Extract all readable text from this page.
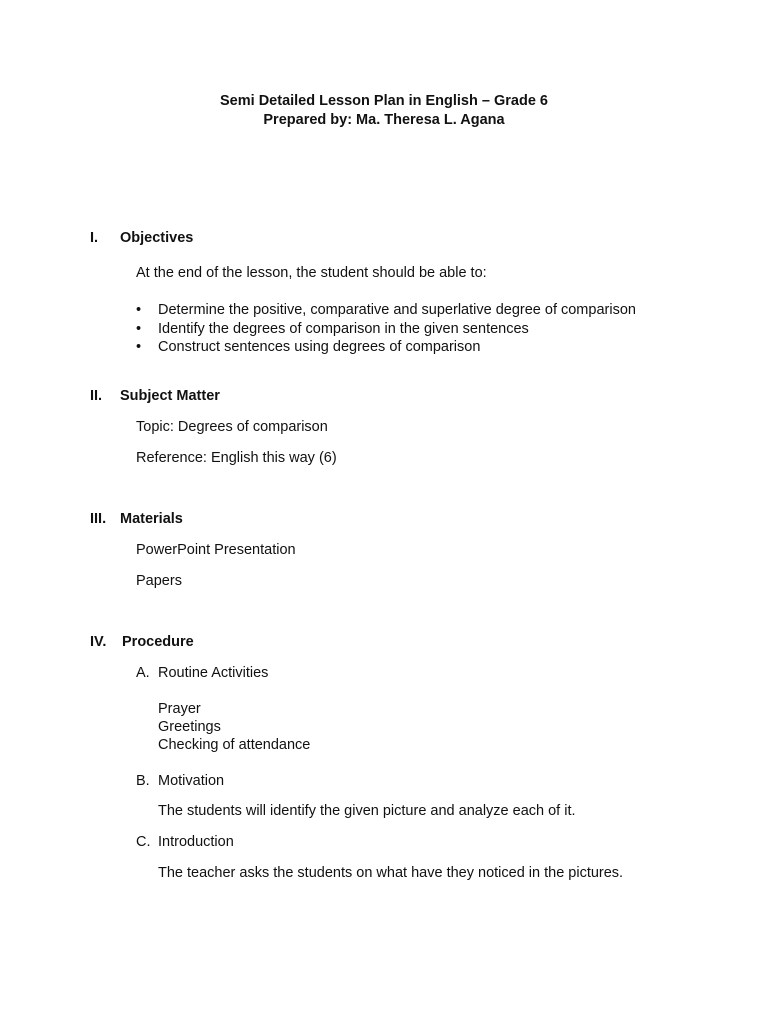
Semi Detailed Lesson Plan in English – Grade 6
Prepared by: Ma. Theresa L. Agana
I. Objectives
At the end of the lesson, the student should be able to:
• Determine the positive, comparative and superlative degree of comparison
• Identify the degrees of comparison in the given sentences
• Construct sentences using degrees of comparison
II. Subject Matter
Topic: Degrees of comparison
Reference: English this way (6)
III. Materials
PowerPoint Presentation
Papers
IV. Procedure
A. Routine Activities
Prayer
Greetings
Checking of attendance
B. Motivation
The students will identify the given picture and analyze each of it.
C. Introduction
The teacher asks the students on what have they noticed in the pictures.
